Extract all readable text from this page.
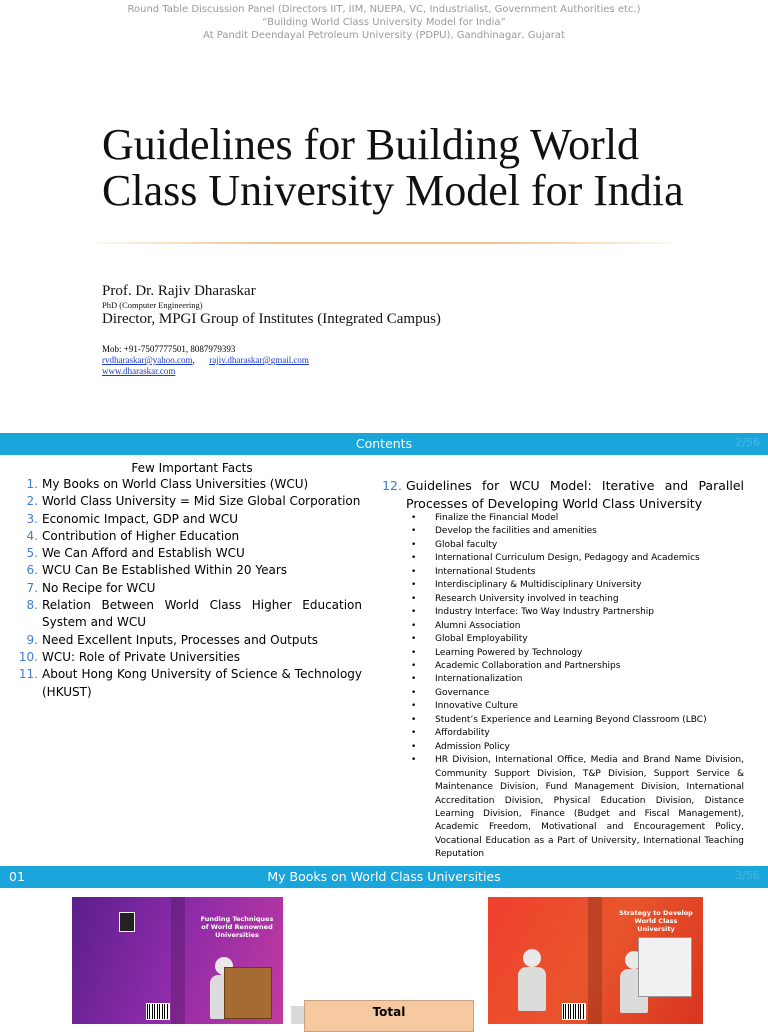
Round Table Discussion Panel (Directors IIT, IIM, NUEPA, VC, Industrialist, Government Authorities etc.)
“Building World Class University Model for India”
At Pandit Deendayal Petroleum University (PDPU), Gandhinagar, Gujarat
Guidelines for Building World
Class University Model for India
Prof. Dr. Rajiv Dharaskar
PhD (Computer Engineering)
Director, MPGI Group of Institutes (Integrated Campus)
Mob: +91-7507777501, 8087979393
rvdharaskar@yahoo.com, rajiv.dharaskar@gmail.com
www.dharaskar.com
Contents	2/56
Few Important Facts
1. My Books on World Class Universities (WCU)
2. World Class University = Mid Size Global Corporation
3. Economic Impact, GDP and WCU
4. Contribution of Higher Education
5. We Can Afford and Establish WCU
6. WCU Can Be Established Within 20 Years
7. No Recipe for WCU
8. Relation Between World Class Higher Education System and WCU
9. Need Excellent Inputs, Processes and Outputs
10. WCU: Role of Private Universities
11. About Hong Kong University of Science & Technology (HKUST)
12. Guidelines for WCU Model: Iterative and Parallel Processes of Developing World Class University
• Finalize the Financial Model
• Develop the facilities and amenities
• Global faculty
• International Curriculum Design, Pedagogy and Academics
• International Students
• Interdisciplinary & Multidisciplinary University
• Research University involved in teaching
• Industry Interface: Two Way Industry Partnership
• Alumni Association
• Global Employability
• Learning Powered by Technology
• Academic Collaboration and Partnerships
• Internationalization
• Governance
• Innovative Culture
• Student’s Experience and Learning Beyond Classroom (LBC)
• Affordability
• Admission Policy
• HR Division, International Office, Media and Brand Name Division, Community Support Division, T&P Division, Support Service & Maintenance Division, Fund Management Division, International Accreditation Division, Physical Education Division, Distance Learning Division, Finance (Budget and Fiscal Management), Academic Freedom, Motivational and Encouragement Policy, Vocational Education as a Part of University, International Teaching Reputation
My Books on World Class Universities
01	3/56
Funding Techniques of World Renowned Universities
Strategy to Develop World Class University
Total
